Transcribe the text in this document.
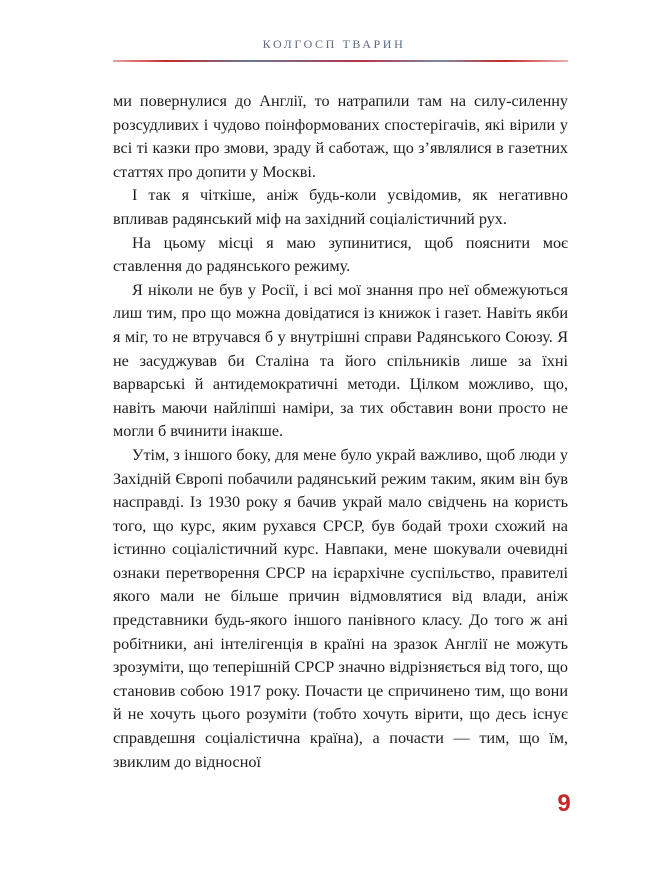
КОЛГОСП ТВАРИН

ми повернулися до Англії, то натрапили там на силу-силенну розсудливих і чудово поінформованих спостерігачів, які вірили у всі ті казки про змови, зраду й саботаж, що з’являлися в газетних статтях про допити у Москві.

І так я чіткіше, аніж будь-коли усвідомив, як негативно впливав радянський міф на західний соціалістичний рух.

На цьому місці я маю зупинитися, щоб пояснити моє ставлення до радянського режиму.

Я ніколи не був у Росії, і всі мої знання про неї обмежуються лиш тим, про що можна довідатися із книжок і газет. Навіть якби я міг, то не втручався б у внутрішні справи Радянського Союзу. Я не засуджував би Сталіна та його спільників лише за їхні варварські й антидемократичні методи. Цілком можливо, що, навіть маючи найліпші наміри, за тих обставин вони просто не могли б вчинити інакше.

Утім, з іншого боку, для мене було украй важливо, щоб люди у Західній Європі побачили радянський режим таким, яким він був насправді. Із 1930 року я бачив украй мало свідчень на користь того, що курс, яким рухався СРСР, був бодай трохи схожий на істинно соціалістичний курс. Навпаки, мене шокували очевидні ознаки перетворення СРСР на ієрархічне суспільство, правителі якого мали не більше причин відмовлятися від влади, аніж представники будь-якого іншого панівного класу. До того ж ані робітники, ані інтелігенція в країні на зразок Англії не можуть зрозуміти, що теперішній СРСР значно відрізняється від того, що становив собою 1917 року. Почасти це спричинено тим, що вони й не хочуть цього розуміти (тобто хочуть вірити, що десь існує справдешня соціалістична країна), а почасти — тим, що їм, звиклим до відносної

9
